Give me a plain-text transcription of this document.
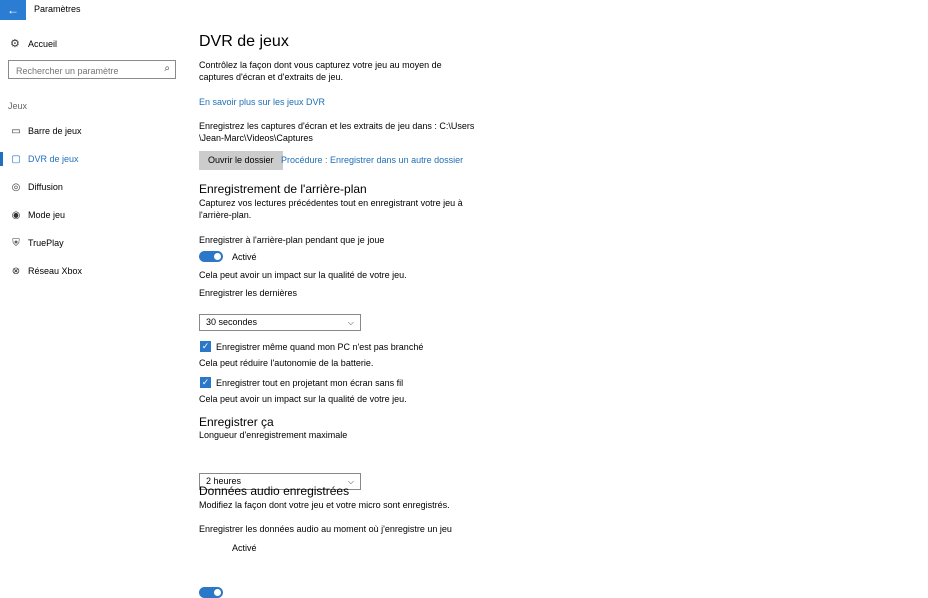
← Paramètres
⚙ Accueil
Rechercher un paramètre
⌕
Jeux
▭ Barre de jeux
▢ DVR de jeux
◎ Diffusion
◉ Mode jeu
⛨ TruePlay
⊗ Réseau Xbox
DVR de jeux
Contrôlez la façon dont vous capturez votre jeu au moyen de
captures d'écran et d'extraits de jeu.
En savoir plus sur les jeux DVR
Enregistrez les captures d'écran et les extraits de jeu dans : C:\Users
\Jean-Marc\Videos\Captures
Ouvrir le dossier Procédure : Enregistrer dans un autre dossier
Enregistrement de l'arrière-plan
Capturez vos lectures précédentes tout en enregistrant votre jeu à
l'arrière-plan.
Enregistrer à l'arrière-plan pendant que je joue
Activé
Cela peut avoir un impact sur la qualité de votre jeu.
Enregistrer les dernières
30 secondes	⌵
✓ Enregistrer même quand mon PC n'est pas branché
Cela peut réduire l'autonomie de la batterie.
✓ Enregistrer tout en projetant mon écran sans fil
Cela peut avoir un impact sur la qualité de votre jeu.
Enregistrer ça
Longueur d'enregistrement maximale
2 heures	⌵
Données audio enregistrées
Modifiez la façon dont votre jeu et votre micro sont enregistrés.
Enregistrer les données audio au moment où j'enregistre un jeu
Activé
